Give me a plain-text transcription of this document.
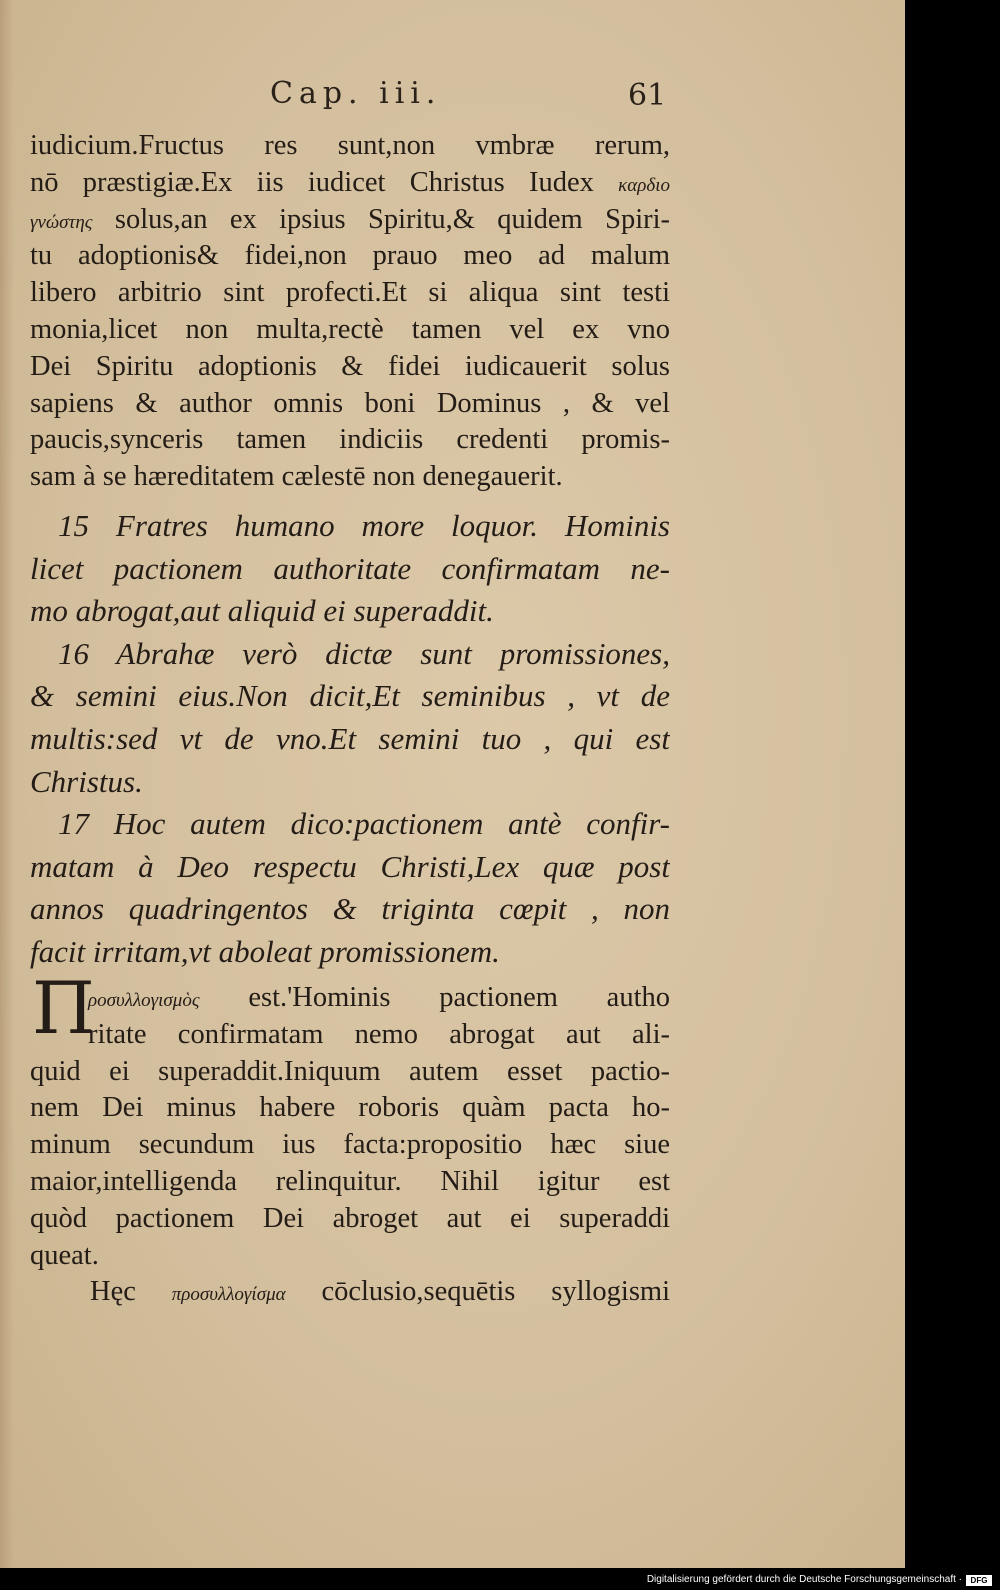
Cap. iii.	61
iudicium.Fructus res sunt,non vmbræ rerum,
nō præstigiæ.Ex iis iudicet Christus Iudex καρδιο
γνώστης solus,an ex ipsius Spiritu,& quidem Spiri-
tu adoptionis& fidei,non prauo meo ad malum
libero arbitrio sint profecti.Et si aliqua sint testi
monia,licet non multa,rectè tamen vel ex vno
Dei Spiritu adoptionis & fidei iudicauerit solus
sapiens & author omnis boni Dominus , & vel
paucis,synceris tamen indiciis credenti promis-
sam à se hæreditatem cælestē non denegauerit.
15 Fratres humano more loquor. Hominis
licet pactionem authoritate confirmatam ne-
mo abrogat,aut aliquid ei superaddit.
16 Abrahæ verò dictæ sunt promissiones,
& semini eius.Non dicit,Et seminibus , vt de
multis:sed vt de vno.Et semini tuo , qui est
Christus.
17 Hoc autem dico:pactionem antè confir-
matam à Deo respectu Christi,Lex quæ post
annos quadringentos & triginta cœpit , non
facit irritam,vt aboleat promissionem.
Π
ροσυλλογισμὸς est.'Hominis pactionem autho
ritate confirmatam nemo abrogat aut ali-
quid ei superaddit.Iniquum autem esset pactio-
nem Dei minus habere roboris quàm pacta ho-
minum secundum ius facta:propositio hæc siue
maior,intelligenda relinquitur. Nihil igitur est
quòd pactionem Dei abroget aut ei superaddi
queat.
Hęc προσυλλογίσμα cōclusio,sequētis syllogismi
Digitalisierung gefördert durch die Deutsche Forschungsgemeinschaft ·	DFG
